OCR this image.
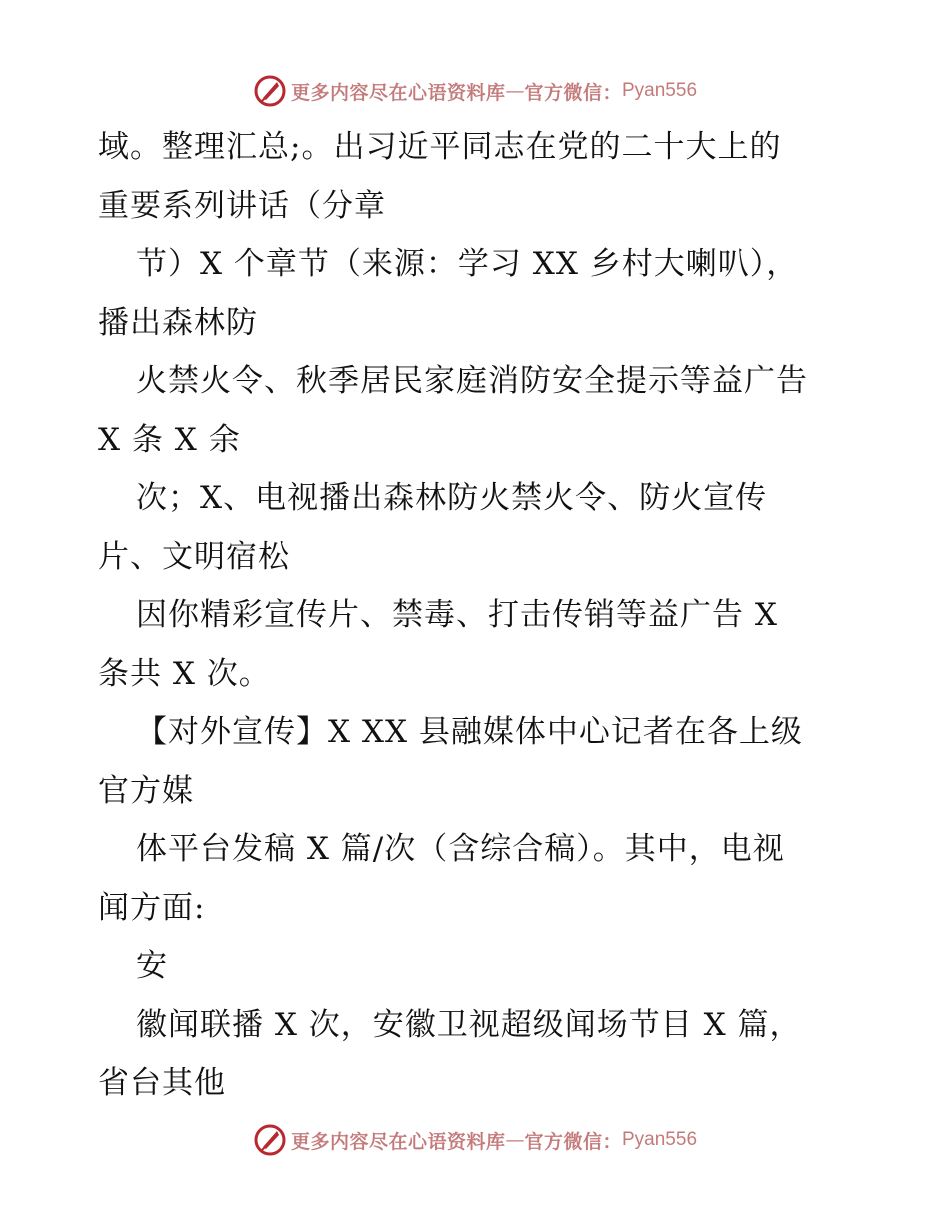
更多内容尽在心语资料库 — 官方微信： Pyan556
域。整理汇总;。出习近平同志在党的二十大上的
重要系列讲话（分章
节）X 个章节（来源：学习 XX 乡村大喇叭），
播出森林防
火禁火令、秋季居民家庭消防安全提示等益广告
X 条 X 余
次；X、电视播出森林防火禁火令、防火宣传
片、文明宿松
因你精彩宣传片、禁毒、打击传销等益广告 X
条共 X 次。
【对外宣传】X XX 县融媒体中心记者在各上级
官方媒
体平台发稿 X 篇/次（含综合稿）。其中，电视
闻方面:
安
徽闻联播 X 次，安徽卫视超级闻场节目 X 篇，
省台其他
更多内容尽在心语资料库 — 官方微信： Pyan556
